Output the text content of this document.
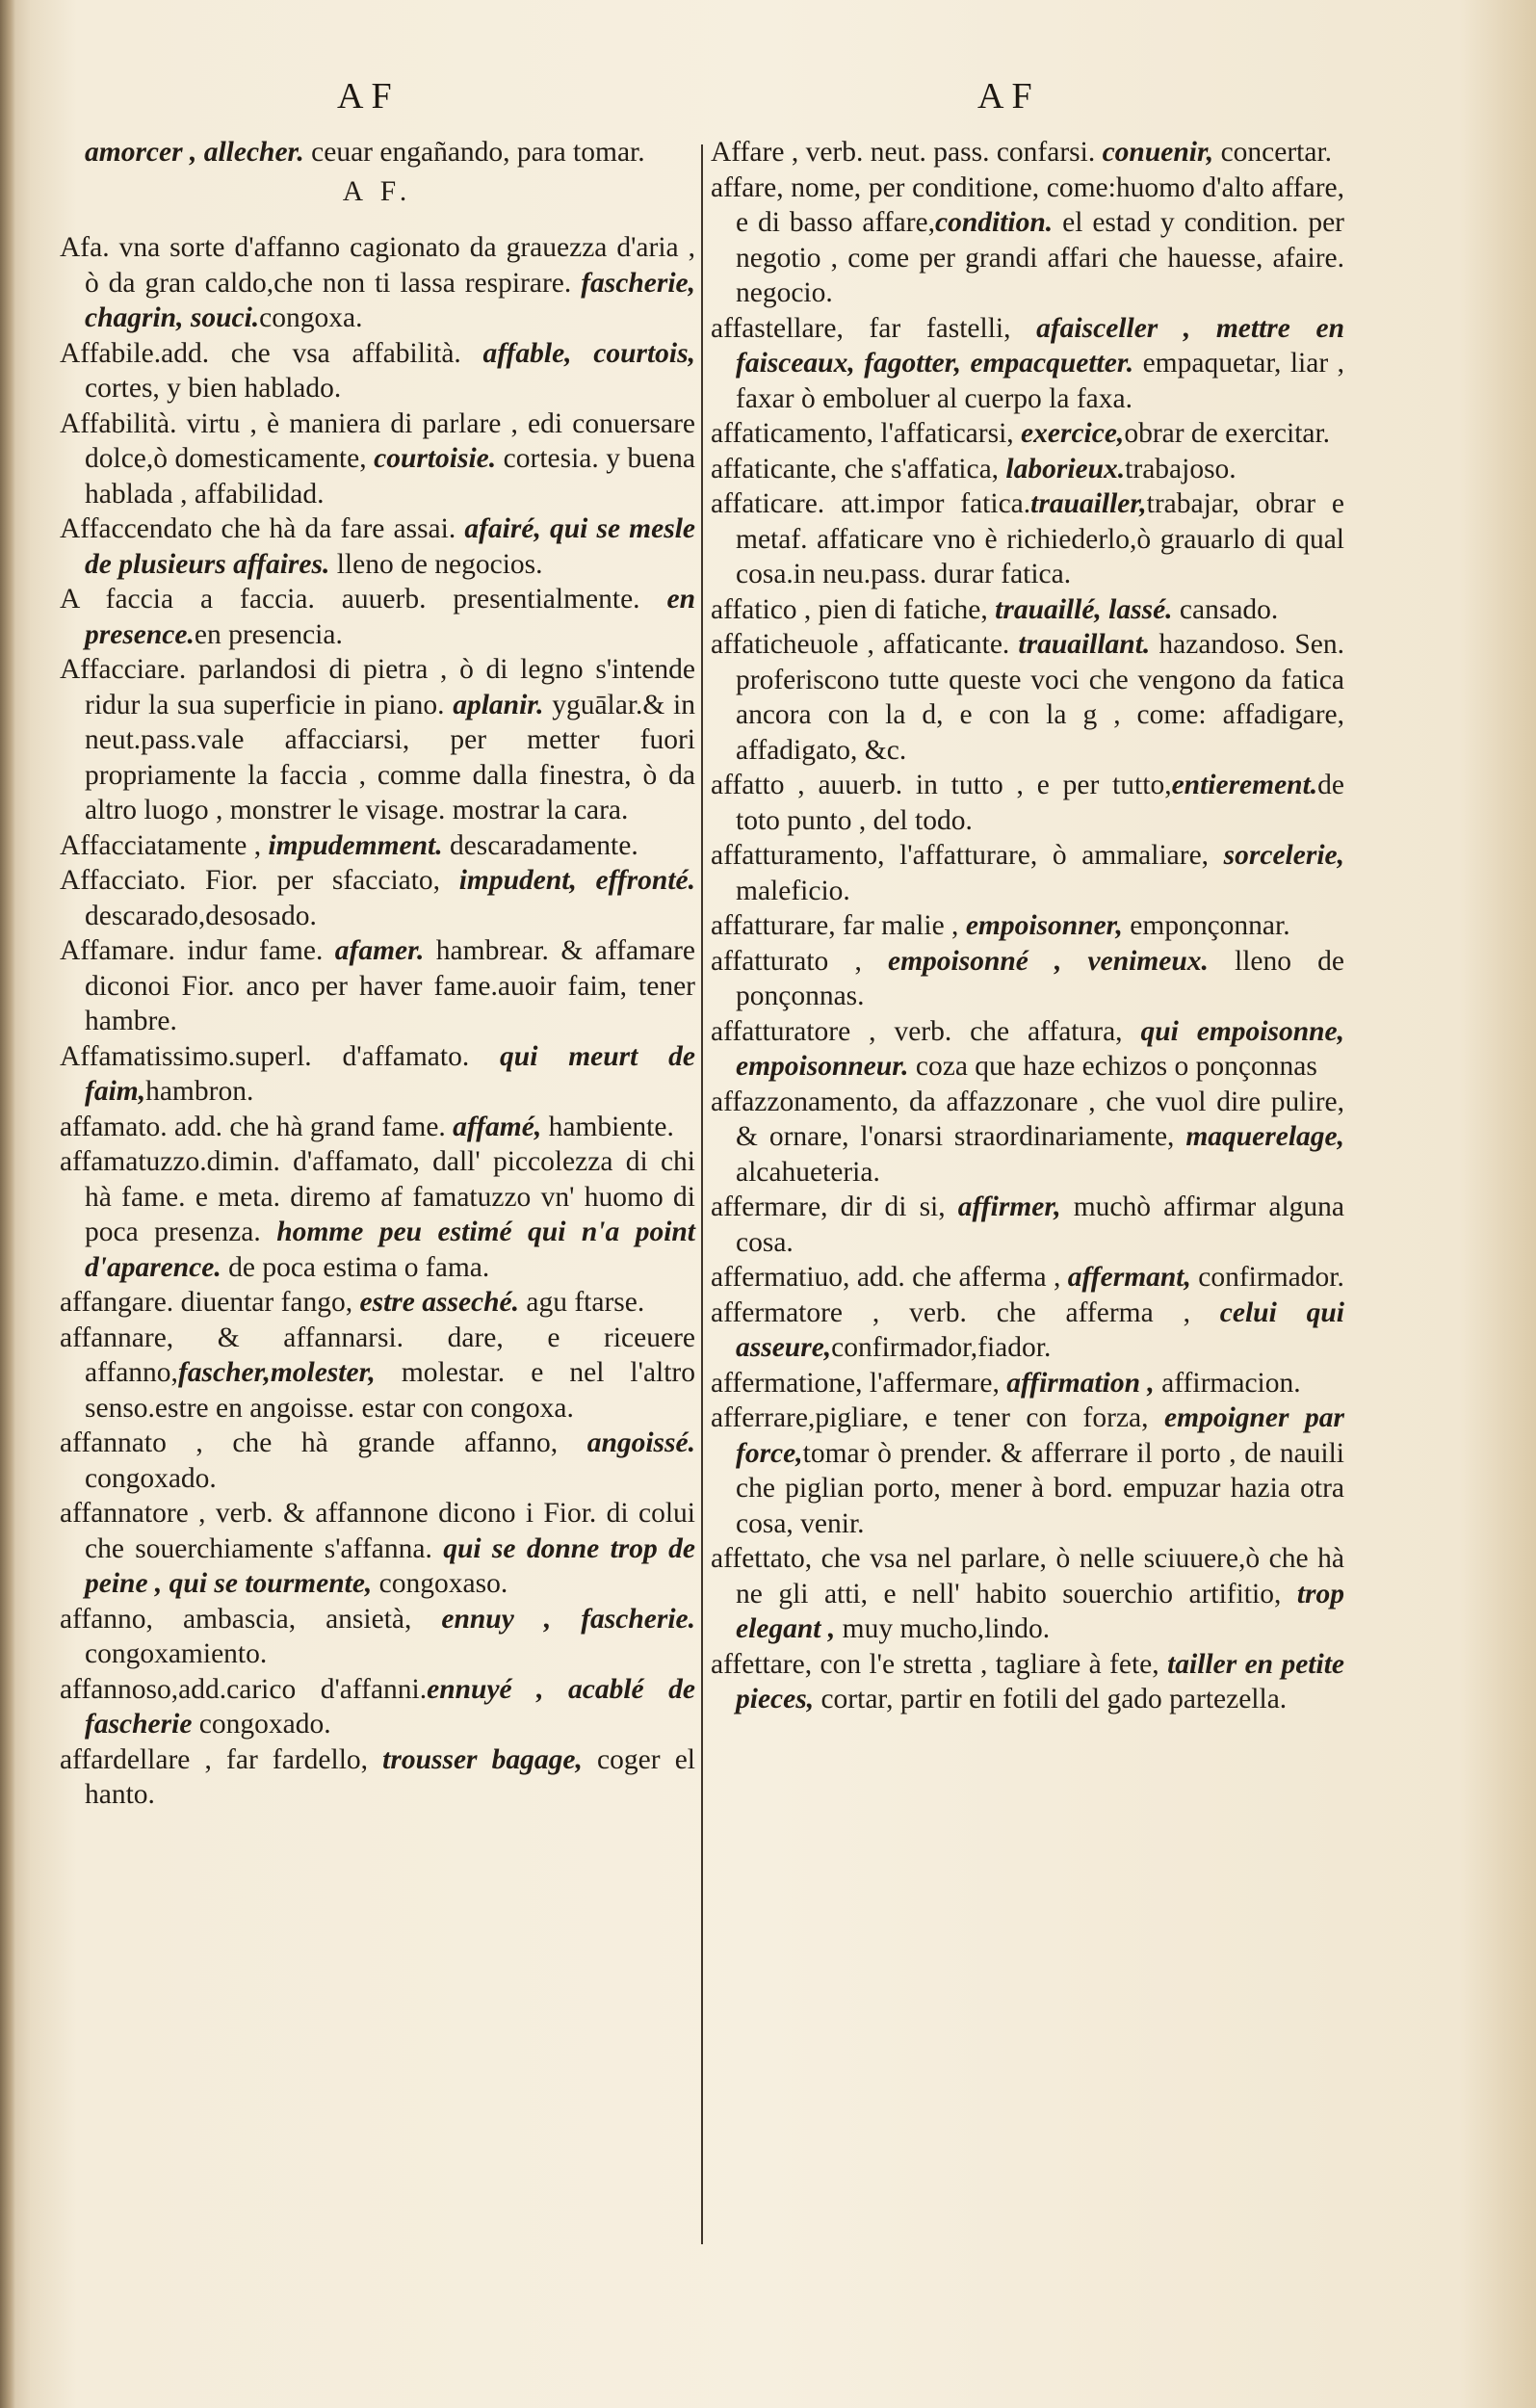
AF	AF

amorcer , allecher. ceuar engañando, para tomar.

A F.

Afa. vna sorte d'affanno cagionato da grauezza d'aria , ò da gran caldo,che non ti lassa respirare. fascherie, chagrin, souci.congoxa.

Affabile.add. che vsa affabilità. affable, courtois, cortes, y bien hablado.

Affabilità. virtu , è maniera di parlare , edi conuersare dolce,ò domesticamente, courtoisie. cortesia. y buena hablada , affabilidad.

Affaccendato che hà da fare assai. afairé, qui se mesle de plusieurs affaires. lleno de negocios.

A faccia a faccia. auuerb. presentialmente. en presence.en presencia.

Affacciare. parlandosi di pietra , ò di legno s'intende ridur la sua superficie in piano. aplanir. yguālar.& in neut.pass.vale affacciarsi, per metter fuori propriamente la faccia , comme dalla finestra, ò da altro luogo , monstrer le visage. mostrar la cara.

Affacciatamente , impudemment. descaradamente.

Affacciato. Fior. per sfacciato, impudent, effronté. descarado,desosado.

Affamare. indur fame. afamer. hambrear. & affamare diconoi Fior. anco per haver fame.auoir faim, tener hambre.

Affamatissimo.superl. d'affamato. qui meurt de faim,hambron.

affamato. add. che hà grand fame. affamé, hambiente.

affamatuzzo.dimin. d'affamato, dall' piccolezza di chi hà fame. e meta. diremo af famatuzzo vn' huomo di poca presenza. homme peu estimé qui n'a point d'aparence. de poca estima o fama.

affangare. diuentar fango, estre asseché. agu ftarse.

affannare, & affannarsi. dare, e riceuere affanno,fascher,molester, molestar. e nel l'altro senso.estre en angoisse. estar con congoxa.

affannato , che hà grande affanno, angoissé. congoxado.

affannatore , verb. & affannone dicono i Fior. di colui che souerchiamente s'affanna. qui se donne trop de peine , qui se tourmente, congoxaso.

affanno, ambascia, ansietà, ennuy , fascherie. congoxamiento.

affannoso,add.carico d'affanni.ennuyé , acablé de fascherie congoxado.

affardellare , far fardello, trousser bagage, coger el hanto.

Affare , verb. neut. pass. confarsi. conuenir, concertar.

affare, nome, per conditione, come:huomo d'alto affare, e di basso affare,condition. el estad y condition. per negotio , come per grandi affari che hauesse, afaire. negocio.

affastellare, far fastelli, afaisceller , mettre en faisceaux, fagotter, empacquetter. empaquetar, liar , faxar ò emboluer al cuerpo la faxa.

affaticamento, l'affaticarsi, exercice,obrar de exercitar.

affaticante, che s'affatica, laborieux.trabajoso.

affaticare. att.impor fatica.trauailler,trabajar, obrar e metaf. affaticare vno è richiederlo,ò grauarlo di qual cosa.in neu.pass. durar fatica.

affatico , pien di fatiche, trauaillé, lassé. cansado.

affaticheuole , affaticante. trauaillant. hazandoso. Sen. proferiscono tutte queste voci che vengono da fatica ancora con la d, e con la g , come: affadigare, affadigato, &c.

affatto , auuerb. in tutto , e per tutto,entierement.de toto punto , del todo.

affatturamento, l'affatturare, ò ammaliare, sorcelerie, maleficio.

affatturare, far malie , empoisonner, emponçonnar.

affatturato , empoisonné , venimeux. lleno de ponçonnas.

affatturatore , verb. che affatura, qui empoisonne, empoisonneur. coza que haze echizos o ponçonnas

affazzonamento, da affazzonare , che vuol dire pulire, & ornare, l'onarsi straordinariamente, maquerelage, alcahueteria.

affermare, dir di si, affirmer, muchò affirmar alguna cosa.

affermatiuo, add. che afferma , affermant, confirmador.

affermatore , verb. che afferma , celui qui asseure,confirmador,fiador.

affermatione, l'affermare, affirmation , affirmacion.

afferrare,pigliare, e tener con forza, empoigner par force,tomar ò prender. & afferrare il porto , de nauili che piglian porto, mener à bord. empuzar hazia otra cosa, venir.

affettato, che vsa nel parlare, ò nelle sciuuere,ò che hà ne gli atti, e nell' habito souerchio artifitio, trop elegant , muy mucho,lindo.

affettare, con l'e stretta , tagliare à fete, tailler en petite pieces, cortar, partir en fotili del gado partezella.
